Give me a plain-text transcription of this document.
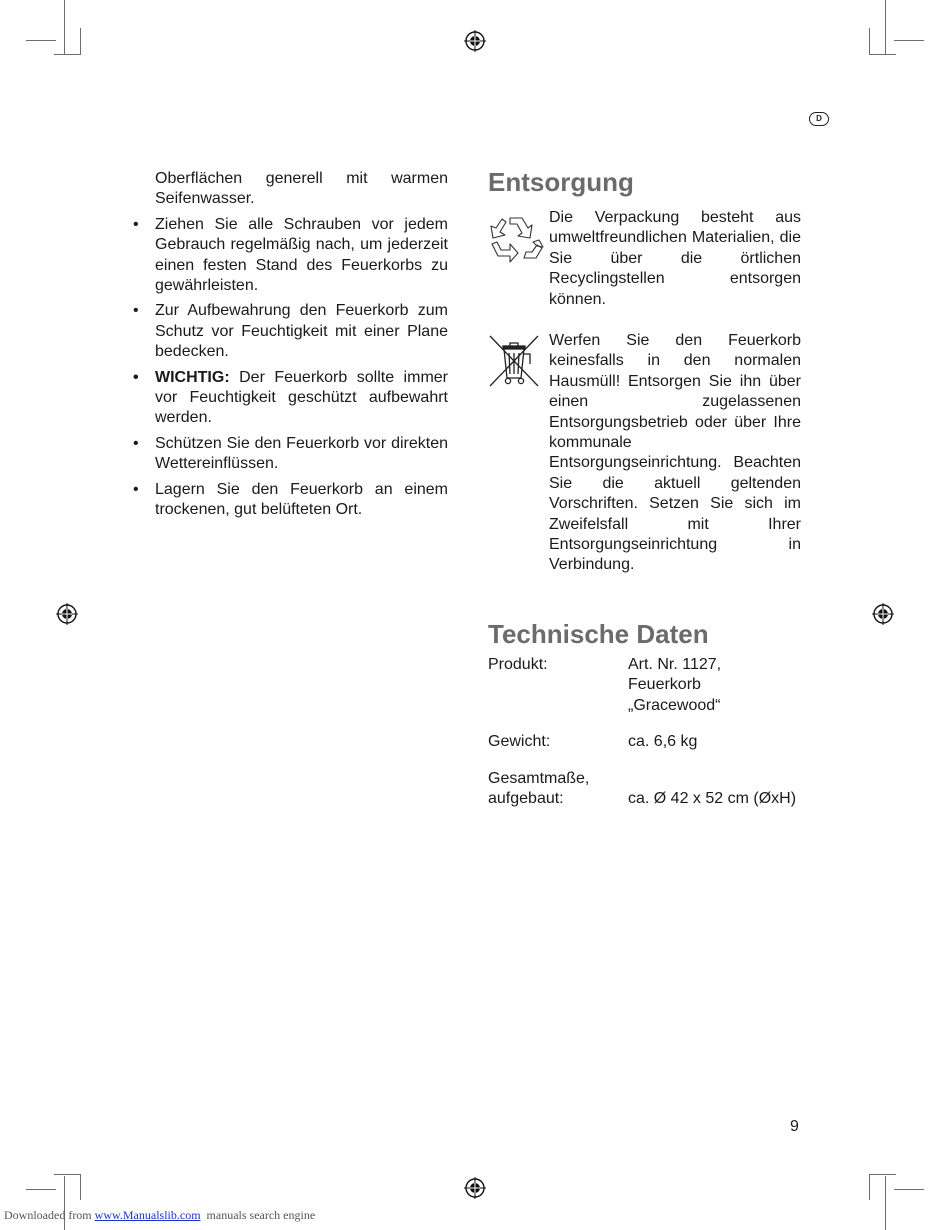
D

Oberflächen generell mit warmen Seifenwasser.

• Ziehen Sie alle Schrauben vor jedem Gebrauch regelmäßig nach, um jederzeit einen festen Stand des Feuerkorbs zu gewährleisten.
• Zur Aufbewahrung den Feuerkorb zum Schutz vor Feuchtigkeit mit einer Plane bedecken.
• WICHTIG: Der Feuerkorb sollte immer vor Feuchtigkeit geschützt aufbewahrt werden.
• Schützen Sie den Feuerkorb vor direkten Wettereinflüssen.
• Lagern Sie den Feuerkorb an einem trockenen, gut belüfteten Ort.
Entsorgung

Die Verpackung besteht aus umweltfreundlichen Materialien, die Sie über die örtlichen Recyclingstellen entsorgen können.

Werfen Sie den Feuerkorb keinesfalls in den normalen Hausmüll! Entsorgen Sie ihn über einen zugelassenen Entsorgungsbetrieb oder über Ihre kommunale Entsorgungseinrichtung. Beachten Sie die aktuell geltenden Vorschriften. Setzen Sie sich im Zweifelsfall mit Ihrer Entsorgungseinrichtung in Verbindung.

Technische Daten
Produkt:	Art. Nr. 1127, Feuerkorb „Gracewood“
Gewicht:	ca. 6,6 kg
Gesamtmaße, aufgebaut:	ca. Ø 42 x 52 cm (ØxH)
9
Downloaded from www.Manualslib.com  manuals search engine
